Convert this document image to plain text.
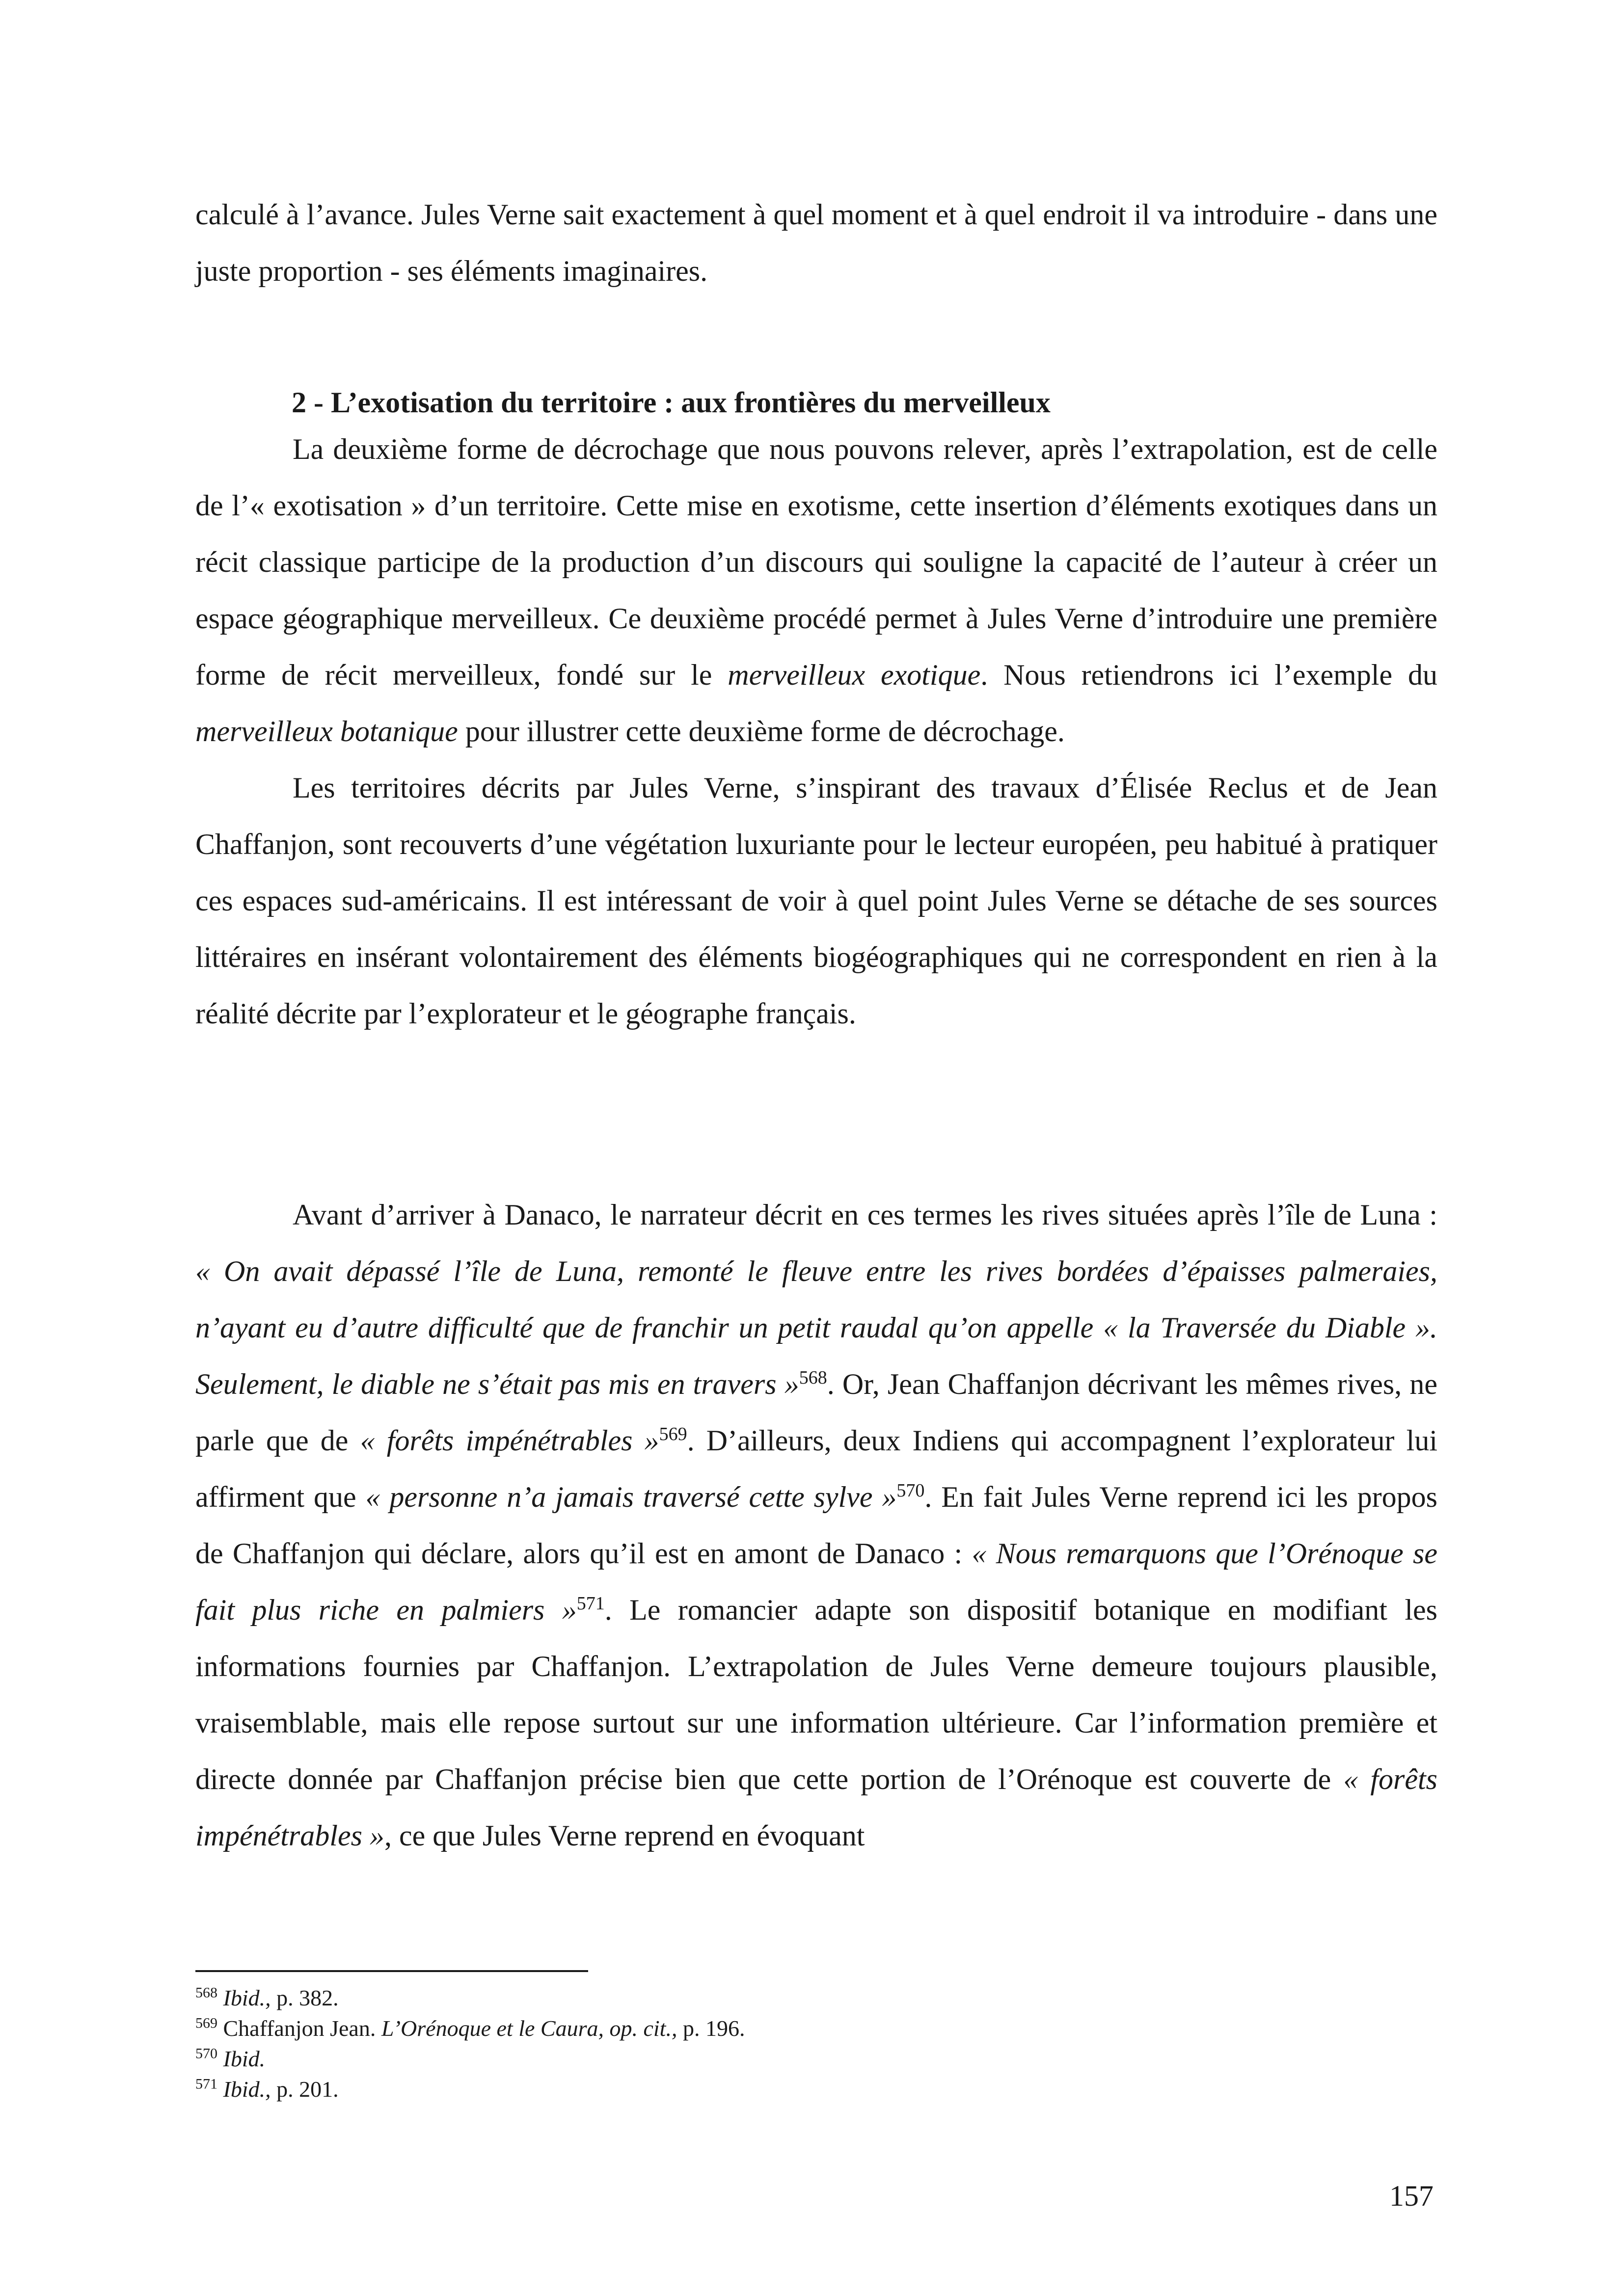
calculé à l’avance. Jules Verne sait exactement à quel moment et à quel endroit il va introduire - dans une juste proportion - ses éléments imaginaires.

2 - L’exotisation du territoire : aux frontières du merveilleux

La deuxième forme de décrochage que nous pouvons relever, après l’extrapolation, est de celle de l’« exotisation » d’un territoire. Cette mise en exotisme, cette insertion d’éléments exotiques dans un récit classique participe de la production d’un discours qui souligne la capacité de l’auteur à créer un espace géographique merveilleux. Ce deuxième procédé permet à Jules Verne d’introduire une première forme de récit merveilleux, fondé sur le merveilleux exotique. Nous retiendrons ici l’exemple du merveilleux botanique pour illustrer cette deuxième forme de décrochage.

Les territoires décrits par Jules Verne, s’inspirant des travaux d’Élisée Reclus et de Jean Chaffanjon, sont recouverts d’une végétation luxuriante pour le lecteur européen, peu habitué à pratiquer ces espaces sud-américains. Il est intéressant de voir à quel point Jules Verne se détache de ses sources littéraires en insérant volontairement des éléments biogéographiques qui ne correspondent en rien à la réalité décrite par l’explorateur et le géographe français.

Avant d’arriver à Danaco, le narrateur décrit en ces termes les rives situées après l’île de Luna : « On avait dépassé l’île de Luna, remonté le fleuve entre les rives bordées d’épaisses palmeraies, n’ayant eu d’autre difficulté que de franchir un petit raudal qu’on appelle « la Traversée du Diable ». Seulement, le diable ne s’était pas mis en travers »$^{568}$. Or, Jean Chaffanjon décrivant les mêmes rives, ne parle que de « forêts impénétrables »$^{569}$. D’ailleurs, deux Indiens qui accompagnent l’explorateur lui affirment que « personne n’a jamais traversé cette sylve »$^{570}$. En fait Jules Verne reprend ici les propos de Chaffanjon qui déclare, alors qu’il est en amont de Danaco : « Nous remarquons que l’Orénoque se fait plus riche en palmiers »$^{571}$. Le romancier adapte son dispositif botanique en modifiant les informations fournies par Chaffanjon. L’extrapolation de Jules Verne demeure toujours plausible, vraisemblable, mais elle repose surtout sur une information ultérieure. Car l’information première et directe donnée par Chaffanjon précise bien que cette portion de l’Orénoque est couverte de « forêts impénétrables », ce que Jules Verne reprend en évoquant

$^{568}$ Ibid., p. 382.

$^{569}$ Chaffanjon Jean. L’Orénoque et le Caura, op. cit., p. 196.

$^{570}$ Ibid.

$^{571}$ Ibid., p. 201.

157
